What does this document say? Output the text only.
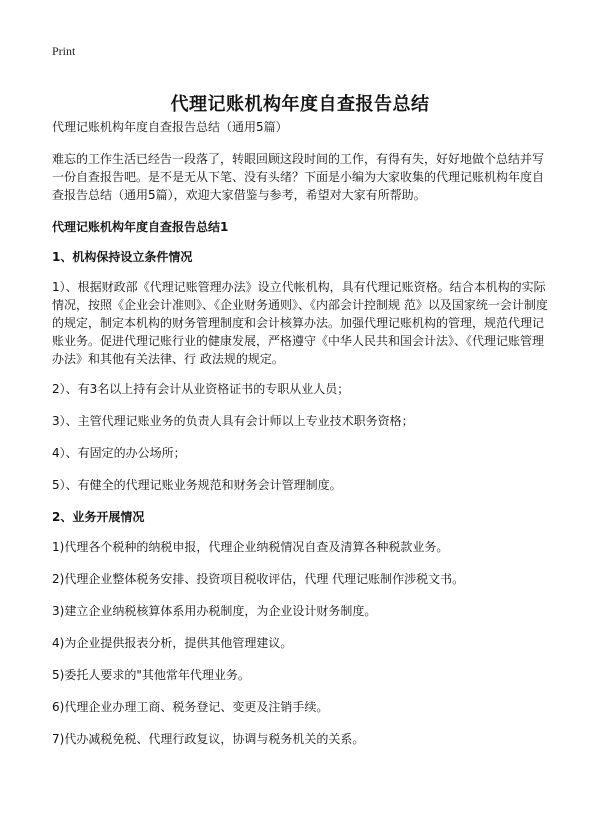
Print
代理记账机构年度自查报告总结

代理记账机构年度自查报告总结（通用5篇）

难忘的工作生活已经告一段落了，转眼回顾这段时间的工作，有得有失，好好地做个总结并写一份自查报告吧。是不是无从下笔、没有头绪？下面是小编为大家收集的代理记账机构年度自查报告总结（通用5篇），欢迎大家借鉴与参考，希望对大家有所帮助。

代理记账机构年度自查报告总结1

1、机构保持设立条件情况

1）、根据财政部《代理记账管理办法》设立代帐机构，具有代理记账资格。结合本机构的实际情况，按照《企业会计准则》、《企业财务通则》、《内部会计控制规 范》以及国家统一会计制度的规定，制定本机构的财务管理制度和会计核算办法。加强代理记账机构的管理，规范代理记账业务。促进代理记账行业的健康发展，严格遵守《中华人民共和国会计法》、《代理记账管理办法》和其他有关法律、行 政法规的规定。

2）、有3名以上持有会计从业资格证书的专职从业人员；

3）、主管代理记账业务的负责人具有会计师以上专业技术职务资格；

4）、有固定的办公场所；

5）、有健全的代理记账业务规范和财务会计管理制度。

2、业务开展情况

1)代理各个税种的纳税申报，代理企业纳税情况自查及清算各种税款业务。

2)代理企业整体税务安排、投资项目税收评估，代理 代理记账制作涉税文书。

3)建立企业纳税核算体系用办税制度，为企业设计财务制度。

4)为企业提供报表分析，提供其他管理建议。

5)委托人要求的"其他常年代理业务。

6)代理企业办理工商、税务登记、变更及注销手续。

7)代办减税免税、代理行政复议，协调与税务机关的关系。
